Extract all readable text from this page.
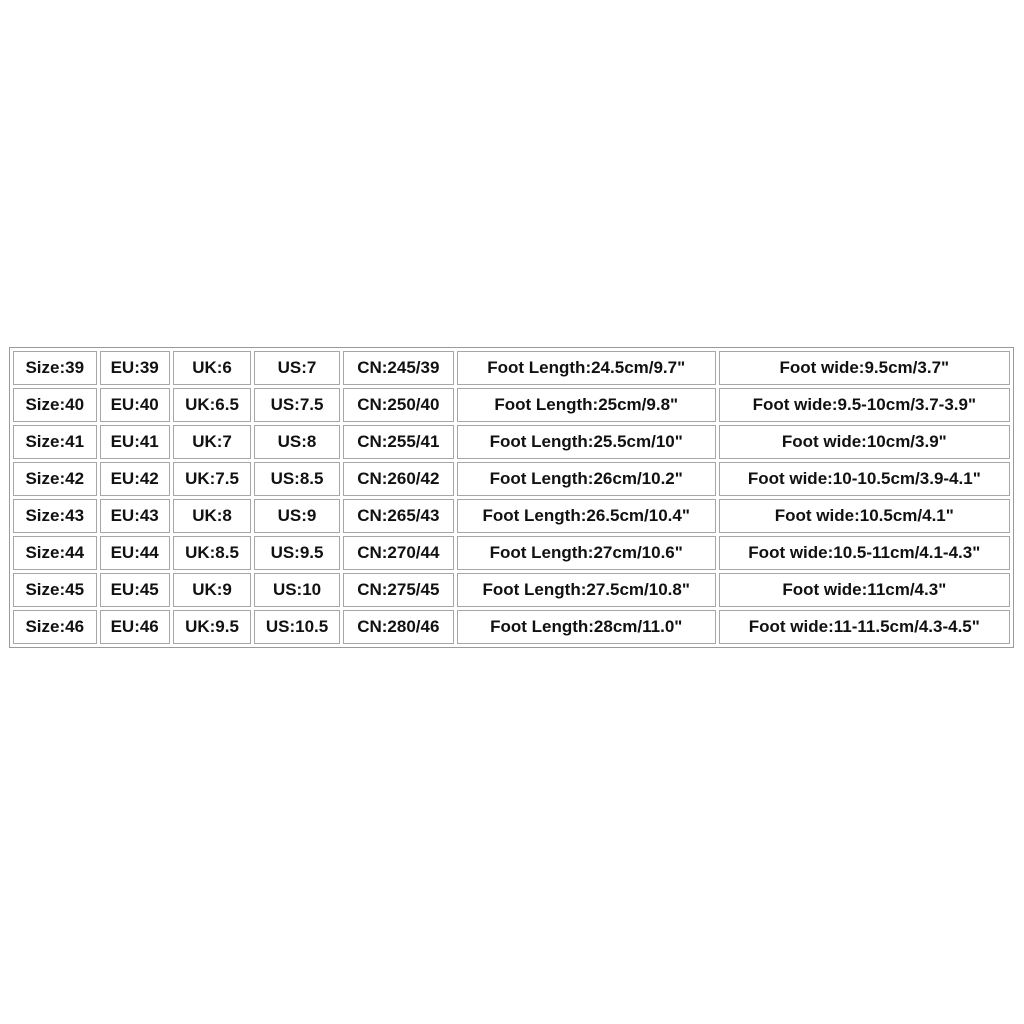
Size:39	EU:39	UK:6	US:7	CN:245/39	Foot Length:24.5cm/9.7"	Foot wide:9.5cm/3.7"
Size:40	EU:40	UK:6.5	US:7.5	CN:250/40	Foot Length:25cm/9.8"	Foot wide:9.5-10cm/3.7-3.9"
Size:41	EU:41	UK:7	US:8	CN:255/41	Foot Length:25.5cm/10"	Foot wide:10cm/3.9"
Size:42	EU:42	UK:7.5	US:8.5	CN:260/42	Foot Length:26cm/10.2"	Foot wide:10-10.5cm/3.9-4.1"
Size:43	EU:43	UK:8	US:9	CN:265/43	Foot Length:26.5cm/10.4"	Foot wide:10.5cm/4.1"
Size:44	EU:44	UK:8.5	US:9.5	CN:270/44	Foot Length:27cm/10.6"	Foot wide:10.5-11cm/4.1-4.3"
Size:45	EU:45	UK:9	US:10	CN:275/45	Foot Length:27.5cm/10.8"	Foot wide:11cm/4.3"
Size:46	EU:46	UK:9.5	US:10.5	CN:280/46	Foot Length:28cm/11.0"	Foot wide:11-11.5cm/4.3-4.5"
